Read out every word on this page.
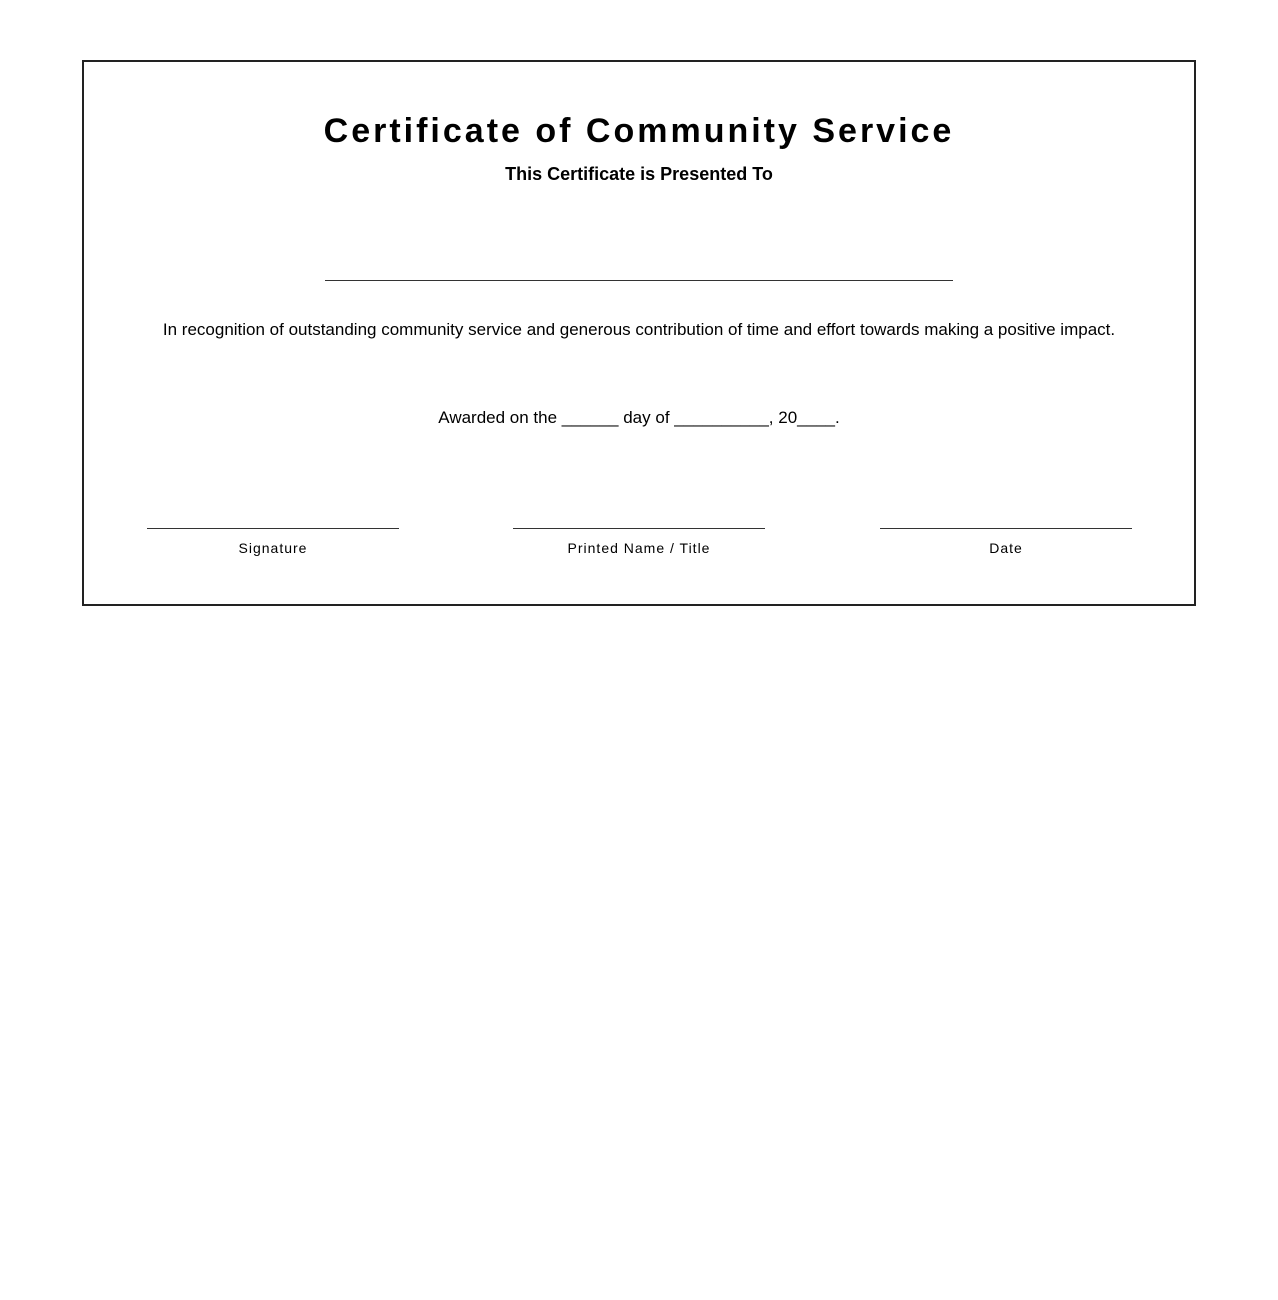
Certificate of Community Service
This Certificate is Presented To

In recognition of outstanding community service and generous contribution of time and effort towards making a positive impact.

Awarded on the ______ day of __________, 20____.

Signature	Printed Name / Title	Date
